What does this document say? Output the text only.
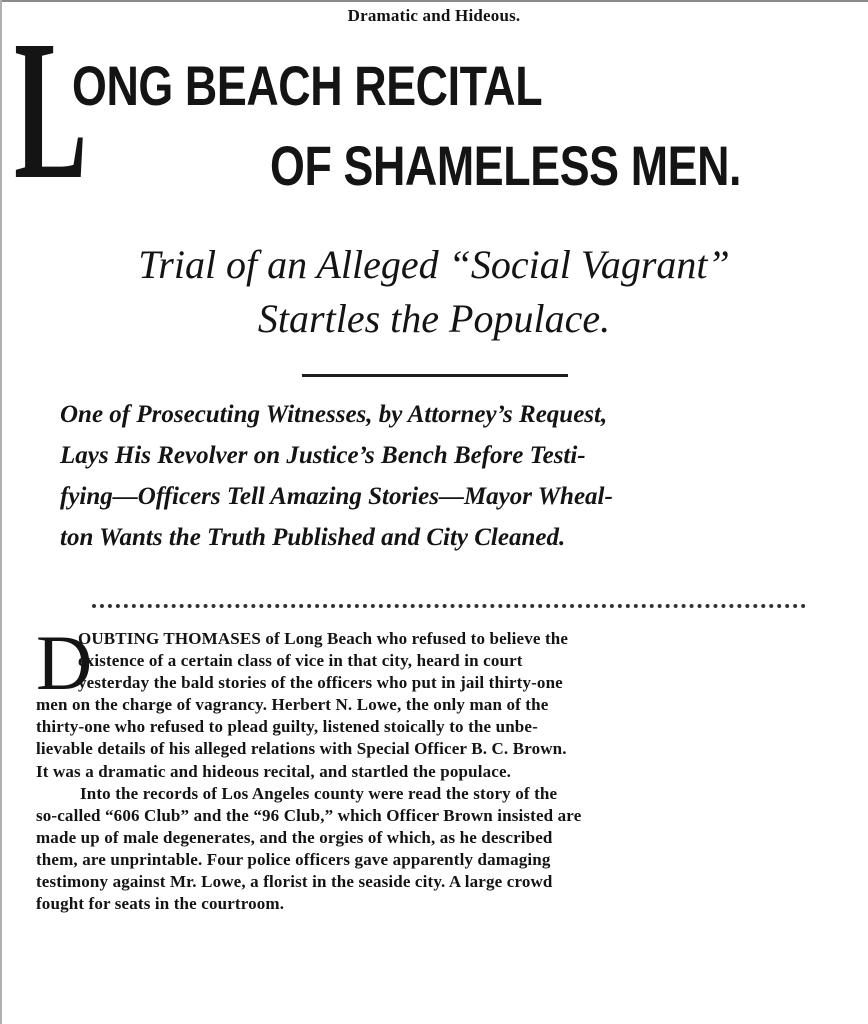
Dramatic and Hideous.
L
ONG BEACH RECITAL
OF SHAMELESS MEN.
Trial of an Alleged “Social Vagrant”
Startles the Populace.
One of Prosecuting Witnesses, by Attorney’s Request,
Lays His Revolver on Justice’s Bench Before Testi-
fying—Officers Tell Amazing Stories—Mayor Wheal-
ton Wants the Truth Published and City Cleaned.
D
OUBTING THOMASES of Long Beach who refused to believe the
existence of a certain class of vice in that city, heard in court
yesterday the bald stories of the officers who put in jail thirty-one
men on the charge of vagrancy. Herbert N. Lowe, the only man of the
thirty-one who refused to plead guilty, listened stoically to the unbe-
lievable details of his alleged relations with Special Officer B. C. Brown.
It was a dramatic and hideous recital, and startled the populace.
Into the records of Los Angeles county were read the story of the
so-called “606 Club” and the “96 Club,” which Officer Brown insisted are
made up of male degenerates, and the orgies of which, as he described
them, are unprintable. Four police officers gave apparently damaging
testimony against Mr. Lowe, a florist in the seaside city. A large crowd
fought for seats in the courtroom.
